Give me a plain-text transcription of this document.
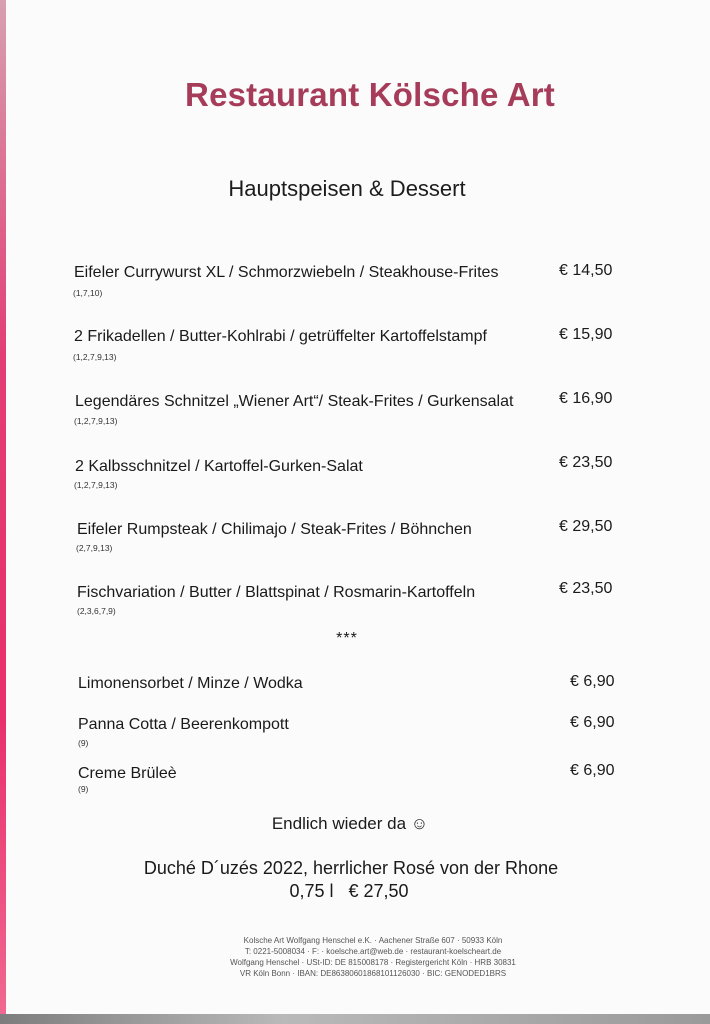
Restaurant Kölsche Art
Hauptspeisen & Dessert
Eifeler Currywurst XL / Schmorzwiebeln / Steakhouse-Frites
(1,7,10)
€ 14,50
2 Frikadellen / Butter-Kohlrabi / getrüffelter Kartoffelstampf
(1,2,7,9,13)
€ 15,90
Legendäres Schnitzel „Wiener Art“/ Steak-Frites / Gurkensalat
(1,2,7,9,13)
€ 16,90
2 Kalbsschnitzel / Kartoffel-Gurken-Salat
(1,2,7,9,13)
€ 23,50
Eifeler Rumpsteak / Chilimajo / Steak-Frites / Böhnchen
(2,7,9,13)
€ 29,50
Fischvariation / Butter / Blattspinat / Rosmarin-Kartoffeln
(2,3,6,7,9)
€ 23,50
***
Limonensorbet / Minze / Wodka	€ 6,90
Panna Cotta / Beerenkompott
(9)
€ 6,90
Creme Brüleè
(9)
€ 6,90
Endlich wieder da ☺
Duché D´uzés 2022, herrlicher Rosé von der Rhone
0,75 l   € 27,50
Kolsche Art Wolfgang Henschel e.K. · Aachener Straße 607 · 50933 Köln
T: 0221-5008034 · F: · koelsche.art@web.de · restaurant-koelscheart.de
Wolfgang Henschel · USt-ID: DE 815008178 · Registergericht Köln · HRB 30831
VR Köln Bonn · IBAN: DE86380601868101126030 · BIC: GENODED1BRS
